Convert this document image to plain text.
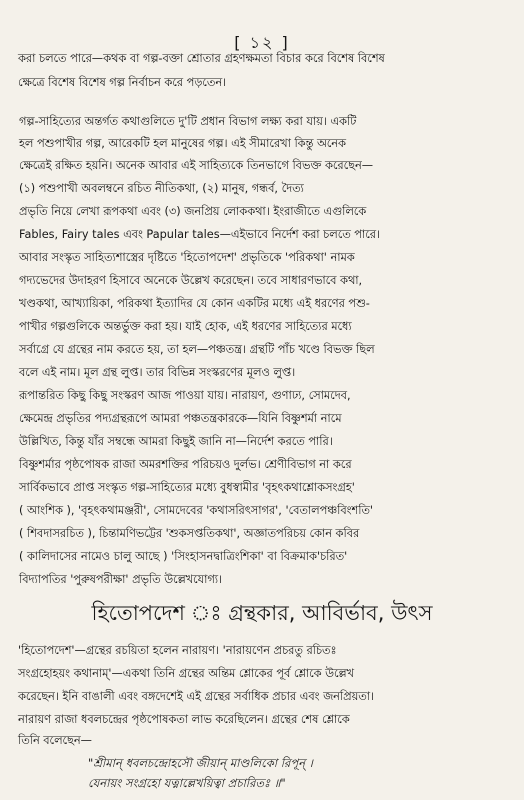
[ ১২ ]
করা চলতে পারে—কথক বা গল্প-বক্তা শ্রোতার গ্রহণক্ষমতা বিচার করে বিশেষ বিশেষ
ক্ষেত্রে বিশেষ বিশেষ গল্প নির্বাচন করে পড়তেন।
গল্প-সাহিত্যের অন্তর্গত কথাগুলিতে দু'টি প্রধান বিভাগ লক্ষ্য করা যায়। একটি
হল পশুপাখীর গল্প, আরেকটি হল মানুষের গল্প। এই সীমারেখা কিন্তু অনেক
ক্ষেত্রেই রক্ষিত হয়নি। অনেক আবার এই সাহিত্যকে তিনভাগে বিভক্ত করেছেন—
(১) পশুপাখী অবলম্বনে রচিত নীতিকথা, (২) মানুষ, গন্ধর্ব, দৈত্য
প্রভৃতি নিয়ে লেখা রূপকথা এবং (৩) জনপ্রিয় লোককথা। ইংরাজীতে এগুলিকে
Fables, Fairy tales এবং Papular tales—এইভাবে নির্দেশ করা চলতে পারে।
আবার সংস্কৃত সাহিত্যশাস্ত্রের দৃষ্টিতে 'হিতোপদেশ' প্রভৃতিকে 'পরিকথা' নামক
গদ্যভেদের উদাহরণ হিসাবে অনেকে উল্লেখ করেছেন। তবে সাধারণভাবে কথা,
খণ্ডকথা, আখ্যায়িকা, পরিকথা ইত্যাদির যে কোন একটির মধ্যে এই ধরণের পশু-
পাখীর গল্পগুলিকে অন্তর্ভুক্ত করা হয়। যাই হোক, এই ধরণের সাহিত্যের মধ্যে
সর্বাগ্রে যে গ্রন্থের নাম করতে হয়, তা হল—পঞ্চতন্ত্র। গ্রন্থটি পাঁচ খণ্ডে বিভক্ত ছিল
বলে এই নাম। মূল গ্রন্থ লুপ্ত। তার বিভিন্ন সংস্করণের মূলও লুপ্ত।
রূপান্তরিত কিছু কিছু সংস্করণ আজ পাওয়া যায়। নারায়ণ, গুণাঢ্য, সোমদেব,
ক্ষেমেন্দ্র প্রভৃতির পদ্যগ্রন্থরূপে আমরা পঞ্চতন্ত্রকারকে—যিনি বিষ্ণুশর্মা নামে
উল্লিখিত, কিন্তু যাঁর সম্বন্ধে আমরা কিছুই জানি না—নির্দেশ করতে পারি।
বিষ্ণুশর্মার পৃষ্ঠপোষক রাজা অমরশক্তির পরিচয়ও দুর্লভ। শ্রেণীবিভাগ না করে
সার্বিকভাবে প্রাপ্ত সংস্কৃত গল্প-সাহিত্যের মধ্যে বুধস্বামীর 'বৃহৎকথাশ্লোকসংগ্রহ'
( আংশিক ), 'বৃহৎকথামঞ্জরী', সোমদেবের 'কথাসরিৎসাগর', 'বেতালপঞ্চবিংশতি'
( শিবদাসরচিত ), চিন্তামণিভট্টের 'শুকসপ্ততিকথা', অজ্ঞাতপরিচয় কোন কবির
( কালিদাসের নামেও চালু আছে ) 'সিংহাসনদ্বাত্রিংশিকা' বা বিক্রমাক'চরিত'
বিদ্যাপতির 'পুরুষপরীক্ষা' প্রভৃতি উল্লেখযোগ্য।
হিতোপদেশ ঃ গ্রন্থকার, আবির্ভাব, উৎস
'হিতোপদেশ'—গ্রন্থের রচয়িতা হলেন নারায়ণ। 'নারায়ণেন প্রচরতু রচিতঃ
সংগ্রহোহয়ং কথানাম্'—একথা তিনি গ্রন্থের অন্তিম শ্লোকের পূর্ব শ্লোকে উল্লেখ
করেছেন। ইনি বাঙালী এবং বঙ্গদেশেই এই গ্রন্থের সর্বাধিক প্রচার এবং জনপ্রিয়তা।
নারায়ণ রাজা ধবলচন্দ্রের পৃষ্ঠপোষকতা লাভ করেছিলেন। গ্রন্থের শেষ শ্লোকে
তিনি বলেছেন—
"শ্রীমান্ ধবলচন্দ্রোহসৌ জীয়ান্ মাণ্ডলিকো রিপূন্ ।
যেনায়ং সংগ্রহো যত্নাল্লেখয়িত্বা প্রচারিতঃ ॥"
